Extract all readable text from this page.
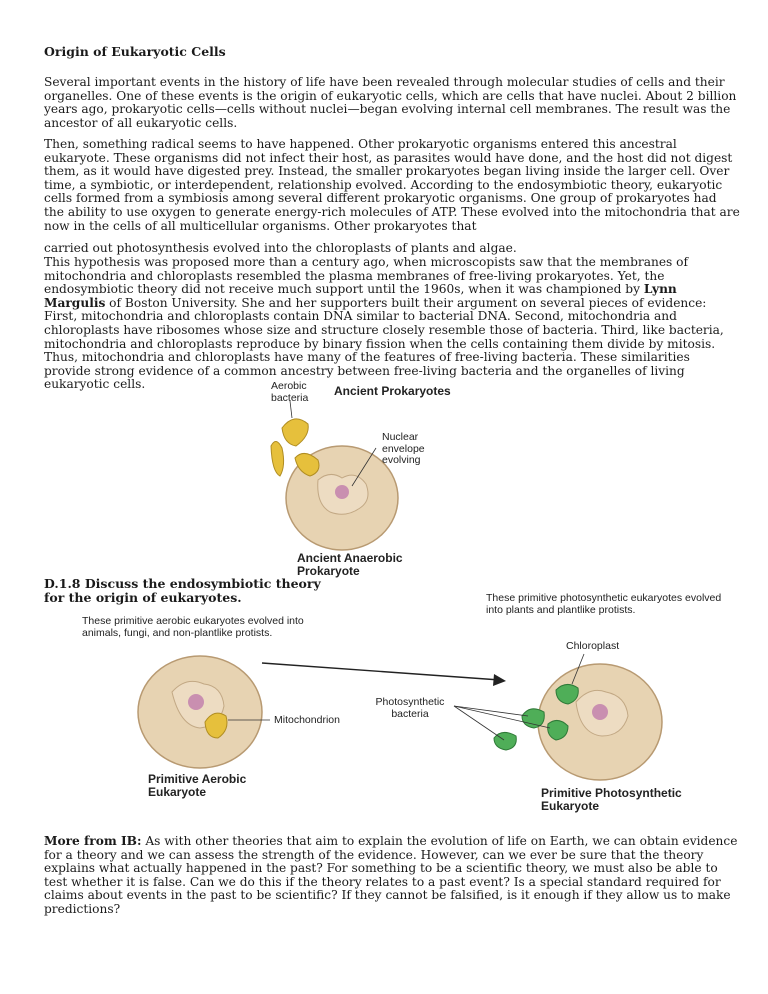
Origin of Eukaryotic Cells

Several important events in the history of life have been revealed through molecular studies of cells and their organelles. One of these events is the origin of eukaryotic cells, which are cells that have nuclei. About 2 billion years ago, prokaryotic cells—cells without nuclei—began evolving internal cell membranes. The result was the ancestor of all eukaryotic cells.

Then, something radical seems to have happened. Other prokaryotic organisms entered this ancestral eukaryote. These organisms did not infect their host, as parasites would have done, and the host did not digest them, as it would have digested prey. Instead, the smaller prokaryotes began living inside the larger cell. Over time, a symbiotic, or interdependent, relationship evolved. According to the endosymbiotic theory, eukaryotic cells formed from a symbiosis among several different prokaryotic organisms. One group of prokaryotes had the ability to use oxygen to generate energy-rich molecules of ATP. These evolved into the mitochondria that are now in the cells of all multicellular organisms. Other prokaryotes that

carried out photosynthesis evolved into the chloroplasts of plants and algae.

This hypothesis was proposed more than a century ago, when microscopists saw that the membranes of mitochondria and chloroplasts resembled the plasma membranes of free-living prokaryotes. Yet, the endosymbiotic theory did not receive much support until the 1960s, when it was championed by Lynn Margulis of Boston University. She and her supporters built their argument on several pieces of evidence: First, mitochondria and chloroplasts contain DNA similar to bacterial DNA. Second, mitochondria and chloroplasts have ribosomes whose size and structure closely resemble those of bacteria. Third, like bacteria, mitochondria and chloroplasts reproduce by binary fission when the cells containing them divide by mitosis. Thus, mitochondria and chloroplasts have many of the features of free-living bacteria. These similarities provide strong evidence of a common ancestry between free-living bacteria and the organelles of living eukaryotic cells.	Aerobic bacteria	Ancient Prokaryotes
Nuclear envelope evolving
Ancient Anaerobic Prokaryote
D.1.8 Discuss the endosymbiotic theory for the origin of eukaryotes.	These primitive photosynthetic eukaryotes evolved into plants and plantlike protists.
These primitive aerobic eukaryotes evolved into animals, fungi, and non-plantlike protists.
Chloroplast
Photosynthetic bacteria
Mitochondrion
Primitive Aerobic Eukaryote	Primitive Photosynthetic Eukaryote

More from IB: As with other theories that aim to explain the evolution of life on Earth, we can obtain evidence for a theory and we can assess the strength of the evidence. However, can we ever be sure that the theory explains what actually happened in the past? For something to be a scientific theory, we must also be able to test whether it is false. Can we do this if the theory relates to a past event? Is a special standard required for claims about events in the past to be scientific? If they cannot be falsified, is it enough if they allow us to make predictions?
